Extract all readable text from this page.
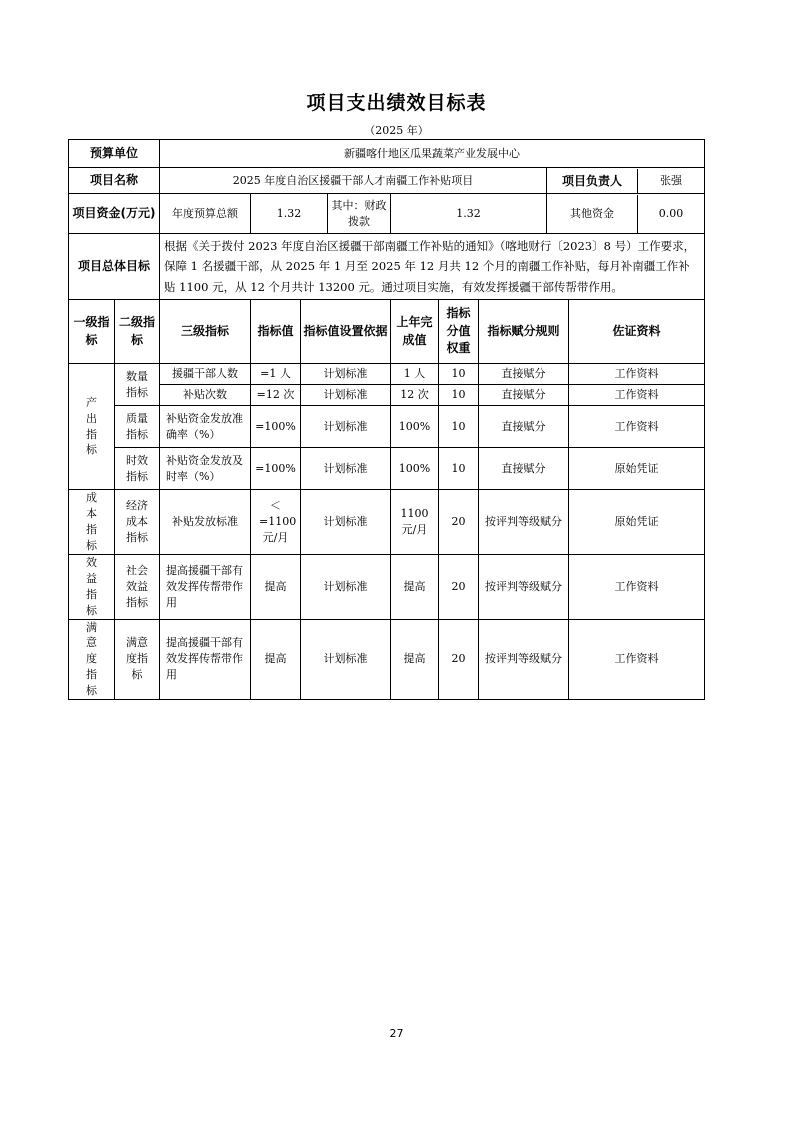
项目支出绩效目标表
（2025 年）
预算单位		新疆喀什地区瓜果蔬菜产业发展中心								
项目名称		2025 年度自治区援疆干部人才南疆工作补贴项目							项目负责人 张强	

项目资金(万元)		年度预算总额	1.32		其中：财政拨款	1.32			其他资金 0.00	

项目总体目标		根据《关于拨付 2023 年度自治区援疆干部南疆工作补贴的通知》（喀地财行〔2023〕8 号）工作要求，保障 1 名援疆干部，从 2025 年 1 月至 2025 年 12 月共 12 个月的南疆工作补贴，每月补南疆工作补贴 1100 元，从 12 个月共计 13200 元。通过项目实施，有效发挥援疆干部传帮带作用。								
一级指标	二级指标	三级指标	指标值	指标值设置依据		上年完成值	指标分值权重	指标赋分规则		佐证资料
产出指标	数量指标	援疆干部人数	=1 人	计划标准		1 人	10	直接赋分		工作资料
		补贴次数	=12 次	计划标准		12 次	10	直接赋分		工作资料
	质量指标	补贴资金发放准确率（%）	=100%	计划标准		100%	10	直接赋分		工作资料

	时效指标	补贴资金发放及时率（%）	=100%	计划标准		100%	10	直接赋分		原始凭证

成本指标	经济成本指标	补贴发放标准	＜=1100 元/月	计划标准		1100 元/月	20	按评判等级赋分		原始凭证
效益指标	社会效益指标	提高援疆干部有效发挥传帮带作用	提高	计划标准		提高	20	按评判等级赋分		工作资料
满意度指标	满意度指标	提高援疆干部有效发挥传帮带作用	提高	计划标准		提高	20	按评判等级赋分		工作资料
27
